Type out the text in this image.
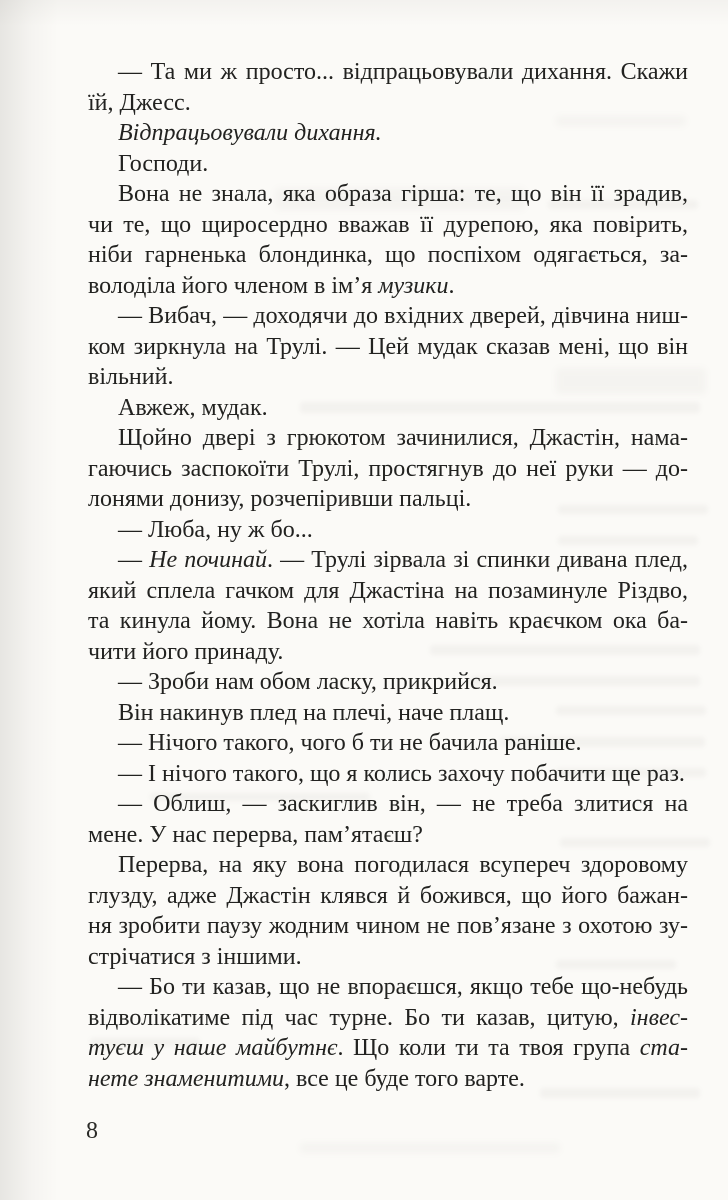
— Та ми ж просто... відпрацьовували дихання. Скажи
їй, Джесс.
Відпрацьовували дихання.
Господи.
Вона не знала, яка образа гірша: те, що він її зрадив,
чи те, що щиросердно вважав її дурепою, яка повірить,
ніби гарненька блондинка, що поспіхом одягається, за-
володіла його членом в ім’я музики.
— Вибач, — доходячи до вхідних дверей, дівчина ниш-
ком зиркнула на Трулі. — Цей мудак сказав мені, що він
вільний.
Авжеж, мудак.
Щойно двері з грюкотом зачинилися, Джастін, нама-
гаючись заспокоїти Трулі, простягнув до неї руки — до-
лонями донизу, розчепіривши пальці.
— Люба, ну ж бо...
— Не починай. — Трулі зірвала зі спинки дивана плед,
який сплела гачком для Джастіна на позаминуле Різдво,
та кинула йому. Вона не хотіла навіть краєчком ока ба-
чити його принаду.
— Зроби нам обом ласку, прикрийся.
Він накинув плед на плечі, наче плащ.
— Нічого такого, чого б ти не бачила раніше.
— І нічого такого, що я колись захочу побачити ще раз.
— Облиш, — заскиглив він, — не треба злитися на
мене. У нас перерва, пам’ятаєш?
Перерва, на яку вона погодилася всупереч здоровому
глузду, адже Джастін клявся й божився, що його бажан-
ня зробити паузу жодним чином не пов’язане з охотою зу-
стрічатися з іншими.
— Бо ти казав, що не впораєшся, якщо тебе що-небудь
відволікатиме під час турне. Бо ти казав, цитую, інвес-
туєш у наше майбутнє. Що коли ти та твоя група ста-
нете знаменитими, все це буде того варте.
8
